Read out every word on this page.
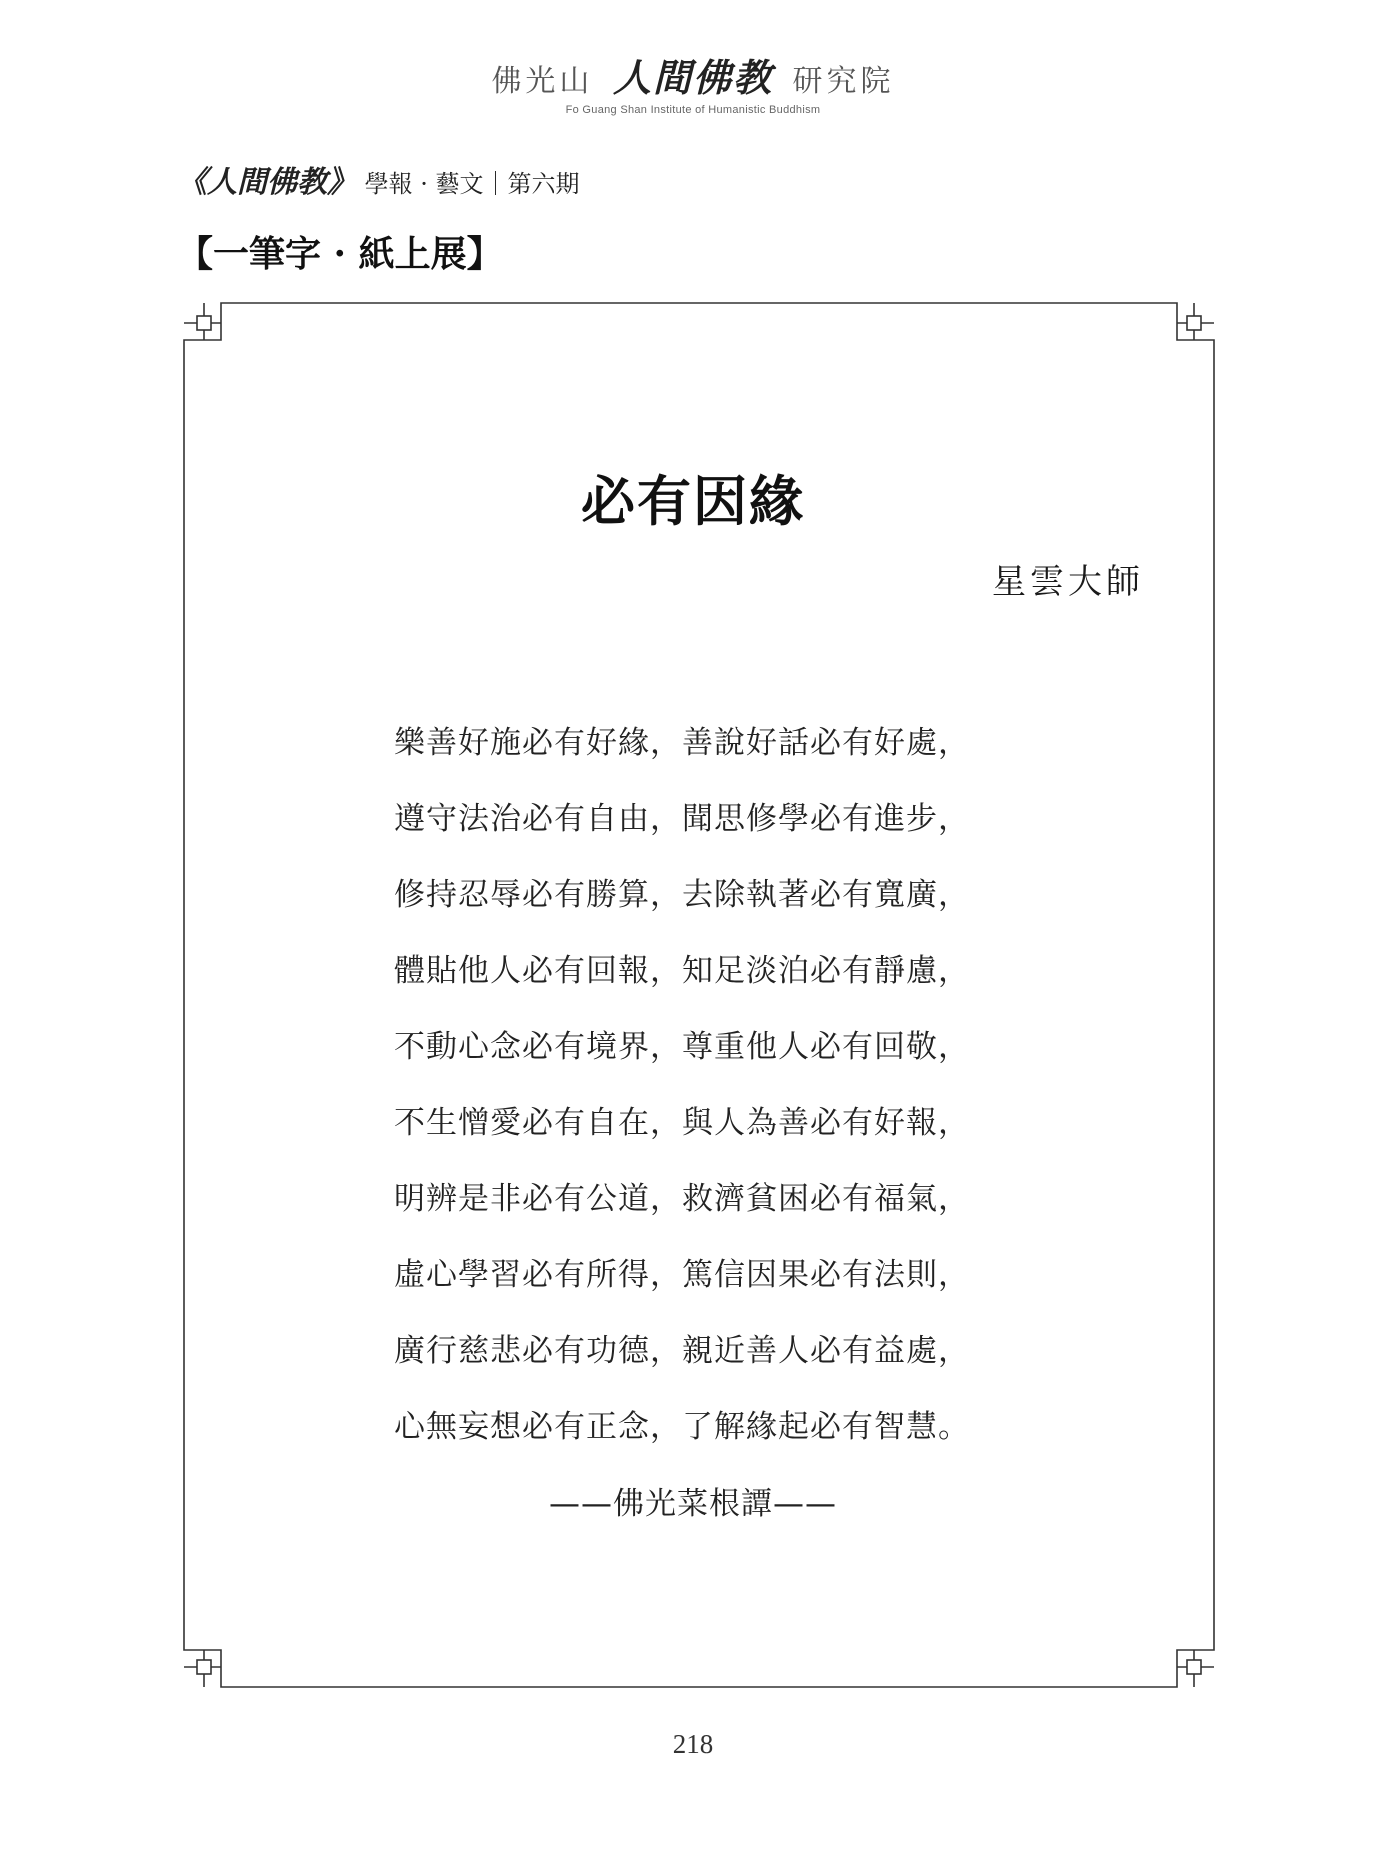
佛光山 人間佛教 研究院
Fo Guang Shan Institute of Humanistic Buddhism
《人間佛教》 學報 · 藝文｜第六期
【一筆字 · 紙上展】
必有因緣
星雲大師
樂善好施必有好緣，善說好話必有好處，
遵守法治必有自由，聞思修學必有進步，
修持忍辱必有勝算，去除執著必有寬廣，
體貼他人必有回報，知足淡泊必有靜慮，
不動心念必有境界，尊重他人必有回敬，
不生憎愛必有自在，與人為善必有好報，
明辨是非必有公道，救濟貧困必有福氣，
虛心學習必有所得，篤信因果必有法則，
廣行慈悲必有功德，親近善人必有益處，
心無妄想必有正念，了解緣起必有智慧。
——佛光菜根譚——
218
